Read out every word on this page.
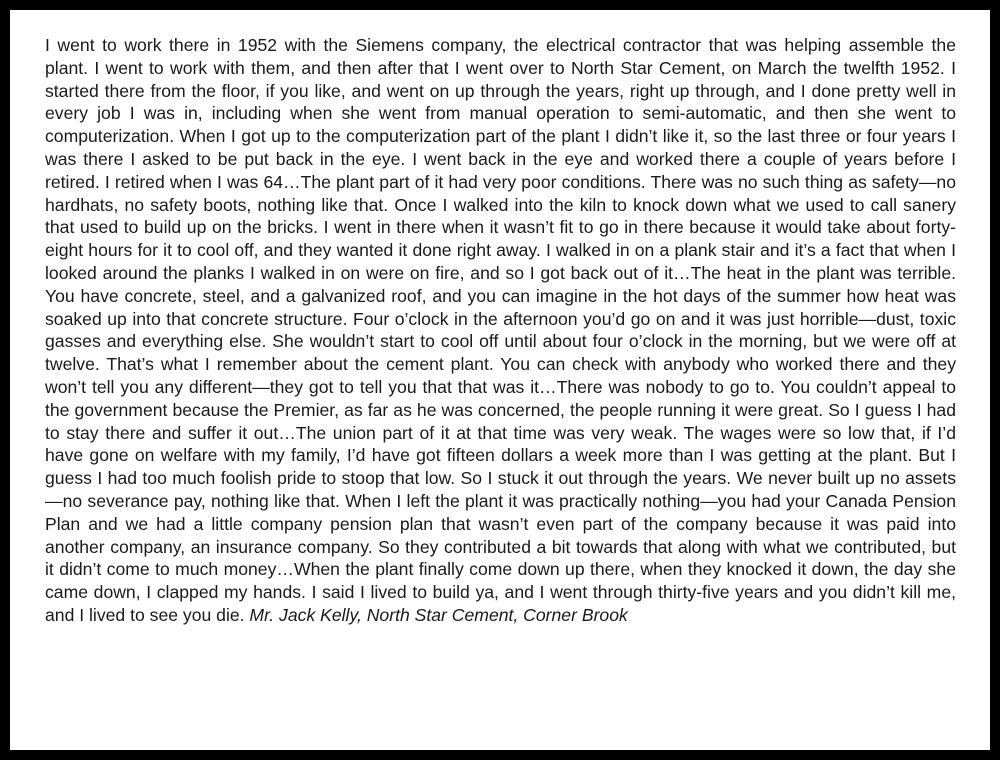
I went to work there in 1952 with the Siemens company, the electrical contractor that was helping assemble the plant. I went to work with them, and then after that I went over to North Star Cement, on March the twelfth 1952. I started there from the floor, if you like, and went on up through the years, right up through, and I done pretty well in every job I was in, including when she went from manual operation to semi-automatic, and then she went to computerization. When I got up to the computerization part of the plant I didn’t like it, so the last three or four years I was there I asked to be put back in the eye. I went back in the eye and worked there a couple of years before I retired. I retired when I was 64…The plant part of it had very poor conditions. There was no such thing as safety—no hardhats, no safety boots, nothing like that. Once I walked into the kiln to knock down what we used to call sanery that used to build up on the bricks. I went in there when it wasn’t fit to go in there because it would take about forty-eight hours for it to cool off, and they wanted it done right away. I walked in on a plank stair and it’s a fact that when I looked around the planks I walked in on were on fire, and so I got back out of it…The heat in the plant was terrible. You have concrete, steel, and a galvanized roof, and you can imagine in the hot days of the summer how heat was soaked up into that concrete structure. Four o’clock in the afternoon you’d go on and it was just horrible—dust, toxic gasses and everything else. She wouldn’t start to cool off until about four o’clock in the morning, but we were off at twelve. That’s what I remember about the cement plant. You can check with anybody who worked there and they won’t tell you any different—they got to tell you that that was it…There was nobody to go to. You couldn’t appeal to the government because the Premier, as far as he was concerned, the people running it were great. So I guess I had to stay there and suffer it out…The union part of it at that time was very weak. The wages were so low that, if I’d have gone on welfare with my family, I’d have got fifteen dollars a week more than I was getting at the plant. But I guess I had too much foolish pride to stoop that low. So I stuck it out through the years. We never built up no assets—no severance pay, nothing like that. When I left the plant it was practically nothing—you had your Canada Pension Plan and we had a little company pension plan that wasn’t even part of the company because it was paid into another company, an insurance company. So they contributed a bit towards that along with what we contributed, but it didn’t come to much money…When the plant finally come down up there, when they knocked it down, the day she came down, I clapped my hands. I said I lived to build ya, and I went through thirty-five years and you didn’t kill me, and I lived to see you die. Mr. Jack Kelly, North Star Cement, Corner Brook
